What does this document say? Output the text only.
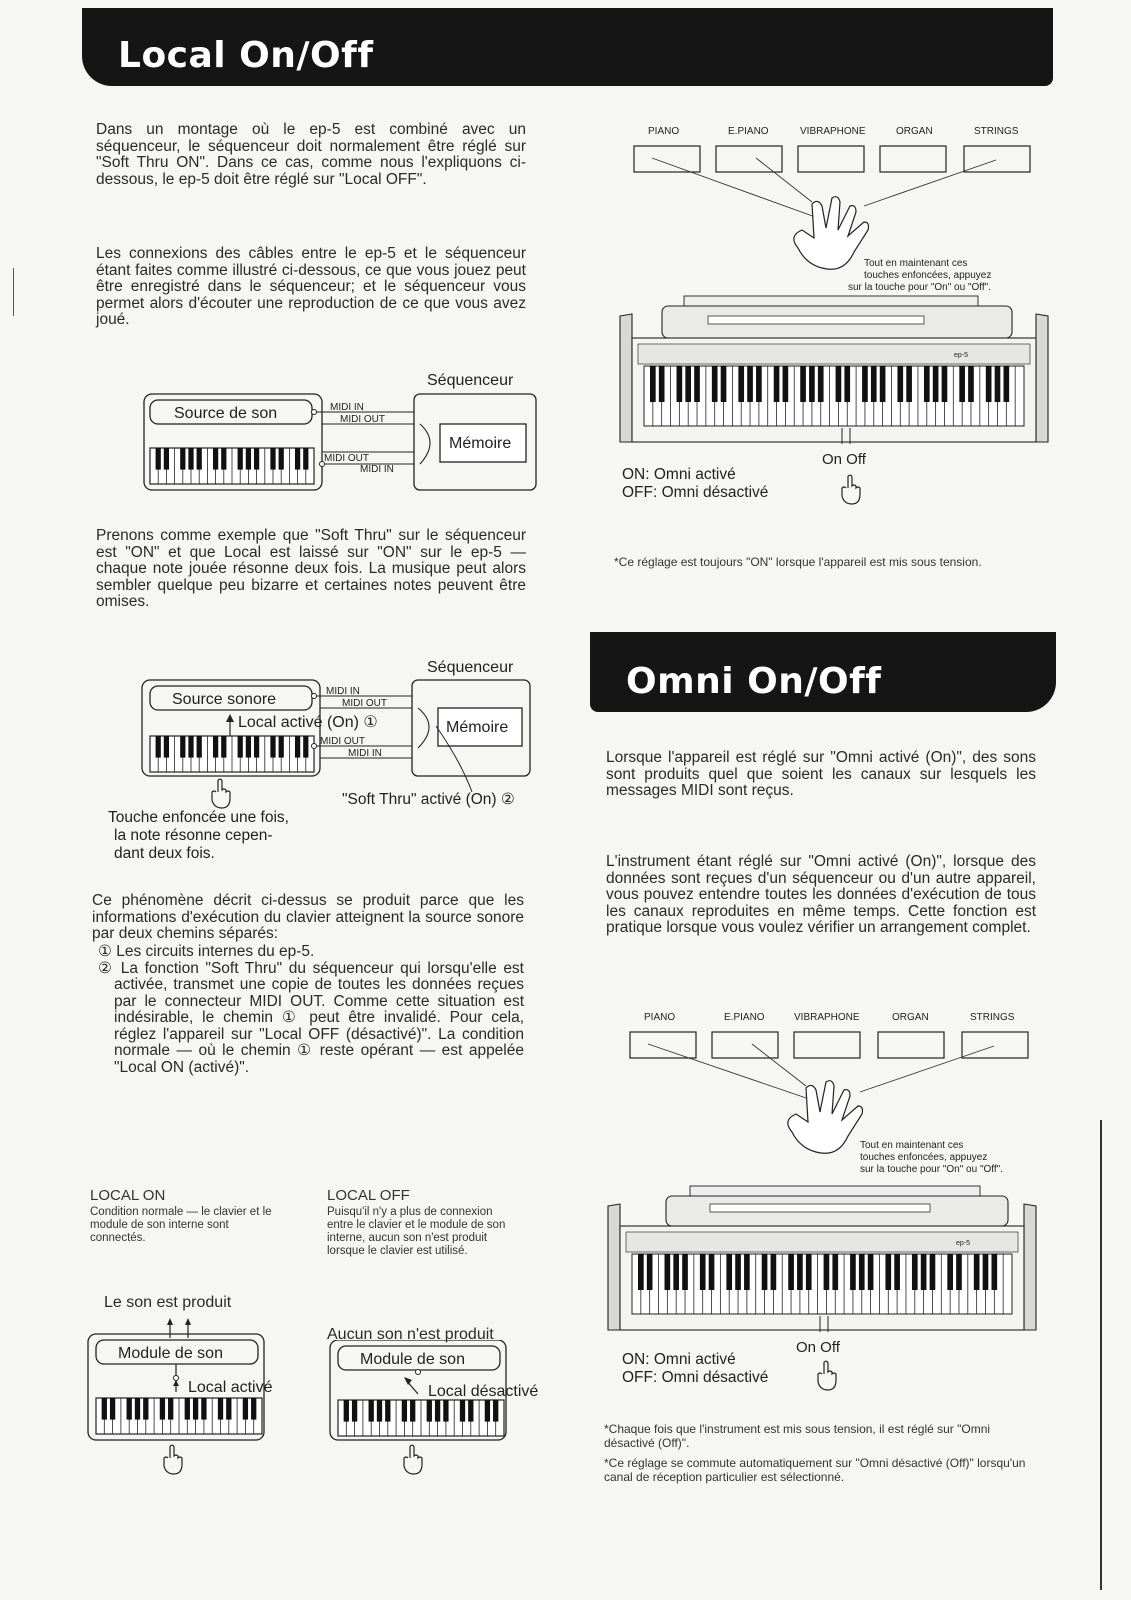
Local On/Off
Dans un montage où le ep-5 est combiné avec un séquenceur, le séquenceur doit normalement être réglé sur "Soft Thru ON". Dans ce cas, comme nous l'expliquons ci-dessous, le ep-5 doit être réglé sur "Local OFF".
Les connexions des câbles entre le ep-5 et le séquenceur étant faites comme illustré ci-dessous, ce que vous jouez peut être enregistré dans le séquenceur; et le séquenceur vous permet alors d'écouter une reproduction de ce que vous avez joué.
Séquenceur
Source de son
Mémoire
MIDI IN
MIDI OUT
MIDI OUT
MIDI IN
Prenons comme exemple que "Soft Thru" sur le séquenceur est "ON" et que Local est laissé sur "ON" sur le ep-5 — chaque note jouée résonne deux fois. La musique peut alors sembler quelque peu bizarre et certaines notes peuvent être omises.
Séquenceur
Source sonore
Local activé (On) ①	Mémoire
MIDI IN
MIDI OUT
MIDI OUT
MIDI IN
"Soft Thru" activé (On) ②
Touche enfoncée une fois,
la note résonne cepen-
dant deux fois.
Ce phénomène décrit ci-dessus se produit parce que les informations d'exécution du clavier atteignent la source sonore par deux chemins séparés:
① Les circuits internes du ep-5.
② La fonction "Soft Thru" du séquenceur qui lorsqu'elle est activée, transmet une copie de toutes les données reçues par le connecteur MIDI OUT. Comme cette situation est indésirable, le chemin ① peut être invalidé. Pour cela, réglez l'appareil sur "Local OFF (désactivé)". La condition normale — où le chemin ① reste opérant — est appelée "Local ON (activé)".
LOCAL ON
Condition normale — le clavier et le module de son interne sont connectés.
Le son est produit
LOCAL OFF
Puisqu'il n'y a plus de connexion entre le clavier et le module de son interne, aucun son n'est produit lorsque le clavier est utilisé.
Aucun son n'est produit
Module de son
Local activé
Module de son
Local désactivé
PIANO	E.PIANO	VIBRAPHONE	ORGAN	STRINGS
Tout en maintenant ces
touches enfoncées, appuyez
sur la touche pour "On" ou "Off".
ep-5
On Off
ON: Omni activé
OFF: Omni désactivé
*Ce réglage est toujours "ON" lorsque l'appareil est mis sous tension.
Omni On/Off
Lorsque l'appareil est réglé sur "Omni activé (On)", des sons sont produits quel que soient les canaux sur lesquels les messages MIDI sont reçus.
L'instrument étant réglé sur "Omni activé (On)", lorsque des données sont reçues d'un séquenceur ou d'un autre appareil, vous pouvez entendre toutes les données d'exécution de tous les canaux reproduites en même temps. Cette fonction est pratique lorsque vous voulez vérifier un arrangement complet.
PIANO	E.PIANO	VIBRAPHONE	ORGAN	STRINGS
Tout en maintenant ces
touches enfoncées, appuyez
sur la touche pour "On" ou "Off".
ep-5
On Off
ON: Omni activé
OFF: Omni désactivé
*Chaque fois que l'instrument est mis sous tension, il est réglé sur "Omni désactivé (Off)".
*Ce réglage se commute automatiquement sur "Omni désactivé (Off)" lorsqu'un canal de réception particulier est sélectionné.
